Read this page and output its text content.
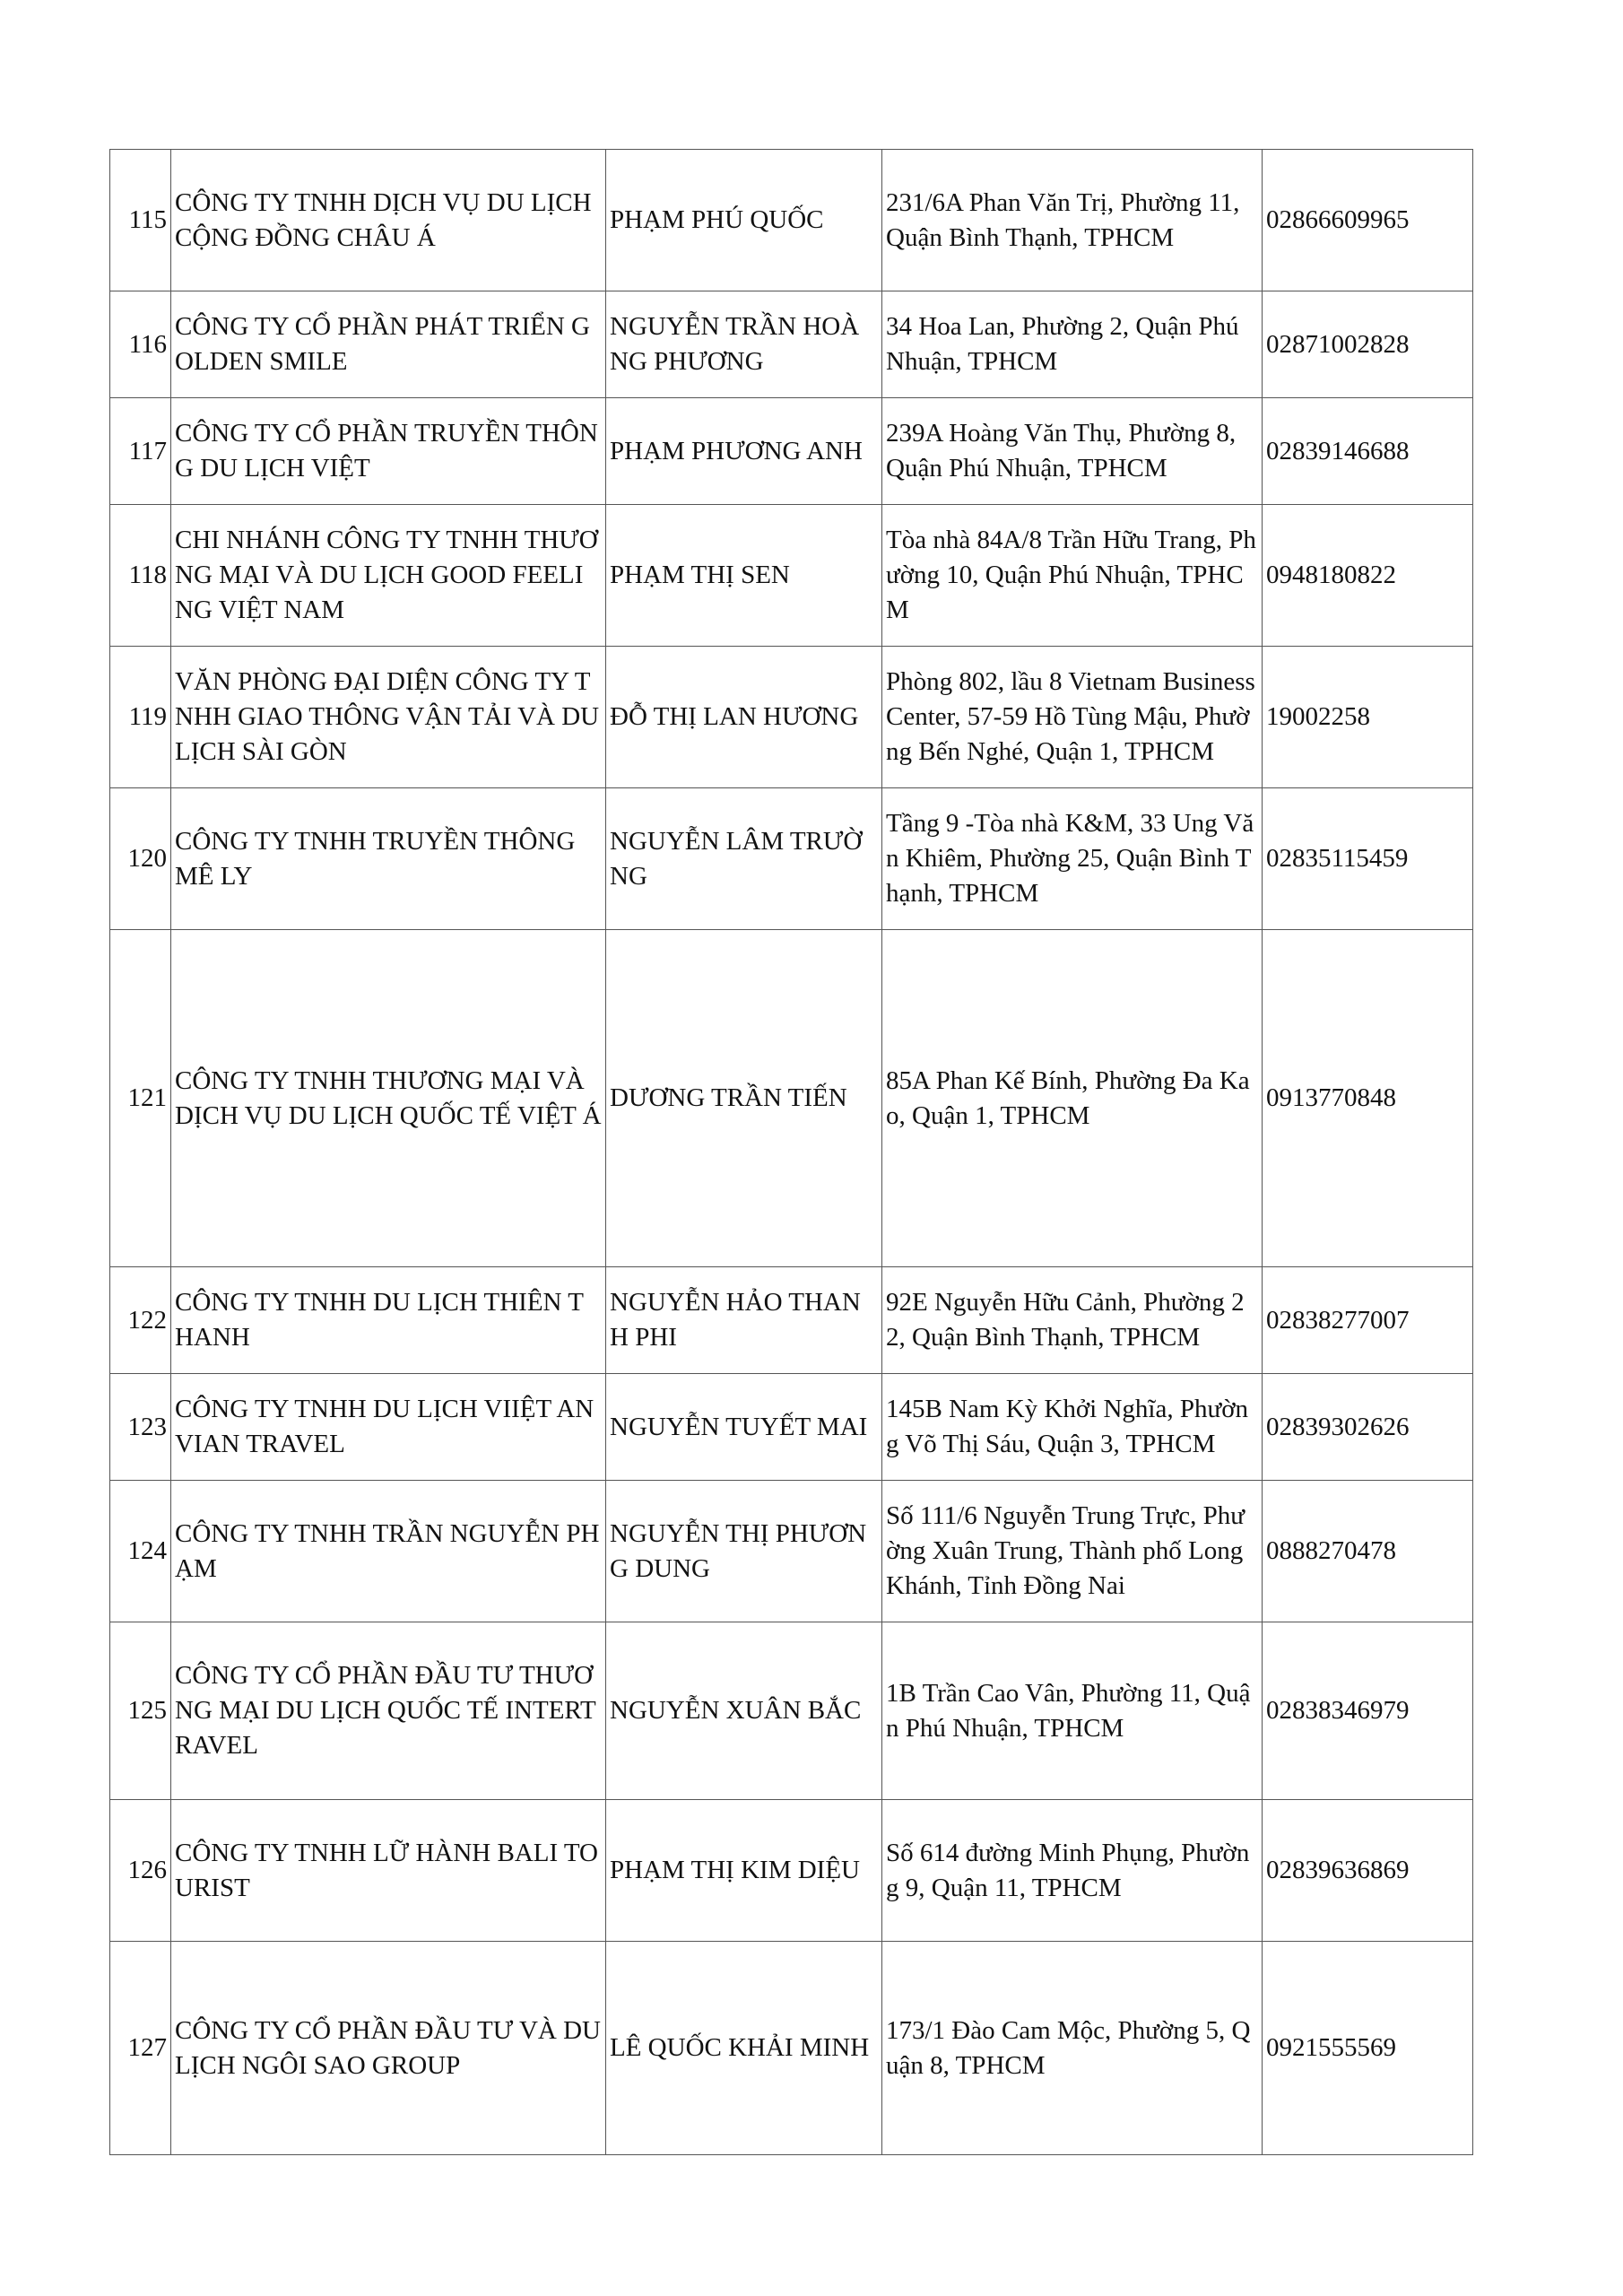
115	CÔNG TY TNHH DỊCH VỤ DU LỊCH CỘNG ĐỒNG CHÂU Á	PHẠM PHÚ QUỐC	231/6A Phan Văn Trị, Phường 11, Quận Bình Thạnh, TPHCM	02866609965
116	CÔNG TY CỔ PHẦN PHÁT TRIỂN GOLDEN SMILE	NGUYỄN TRẦN HOÀNG PHƯƠNG	34 Hoa Lan, Phường 2, Quận Phú Nhuận, TPHCM	02871002828
117	CÔNG TY CỔ PHẦN TRUYỀN THÔNG DU LỊCH VIỆT	PHẠM PHƯƠNG ANH	239A Hoàng Văn Thụ, Phường 8, Quận Phú Nhuận, TPHCM	02839146688
118	CHI NHÁNH CÔNG TY TNHH THƯƠNG MẠI VÀ DU LỊCH GOOD FEELING VIỆT NAM	PHẠM THỊ SEN	Tòa nhà 84A/8 Trần Hữu Trang, Phường 10, Quận Phú Nhuận, TPHCM	0948180822
119	VĂN PHÒNG ĐẠI DIỆN CÔNG TY TNHH GIAO THÔNG VẬN TẢI VÀ DU LỊCH SÀI GÒN	ĐỖ THỊ LAN HƯƠNG	Phòng 802, lầu 8 Vietnam Business Center, 57-59 Hồ Tùng Mậu, Phường Bến Nghé, Quận 1, TPHCM	19002258
120	CÔNG TY TNHH TRUYỀN THÔNG MÊ LY	NGUYỄN LÂM TRƯỜNG	Tầng 9 -Tòa nhà K&M, 33 Ung Văn Khiêm, Phường 25, Quận Bình Thạnh, TPHCM	02835115459
121	CÔNG TY TNHH THƯƠNG MẠI VÀ DỊCH VỤ DU LỊCH QUỐC TẾ VIỆT Á	DƯƠNG TRẦN TIẾN	85A Phan Kế Bính, Phường Đa Kao, Quận 1, TPHCM	0913770848
122	CÔNG TY TNHH DU LỊCH THIÊN THANH	NGUYỄN HẢO THANH PHI	92E Nguyễn Hữu Cảnh, Phường 22, Quận Bình Thạnh, TPHCM	02838277007
123	CÔNG TY TNHH DU LỊCH VIIỆT AN VIAN TRAVEL	NGUYỄN TUYẾT MAI	145B Nam Kỳ Khởi Nghĩa, Phường Võ Thị Sáu, Quận 3, TPHCM	02839302626
124	CÔNG TY TNHH TRẦN NGUYỄN PHẠM	NGUYỄN THỊ PHƯƠNG DUNG	Số 111/6 Nguyễn Trung Trực, Phường Xuân Trung, Thành phố Long Khánh, Tỉnh Đồng Nai	0888270478
125	CÔNG TY CỔ PHẦN ĐẦU TƯ THƯƠNG MẠI DU LỊCH QUỐC TẾ INTERTRAVEL	NGUYỄN XUÂN BẮC	1B Trần Cao Vân, Phường 11, Quận Phú Nhuận, TPHCM	02838346979
126	CÔNG TY TNHH LỮ HÀNH BALI TOURIST	PHẠM THỊ KIM DIỆU	Số 614 đường Minh Phụng, Phường 9, Quận 11, TPHCM	02839636869
127	CÔNG TY CỔ PHẦN ĐẦU TƯ VÀ DU LỊCH NGÔI SAO GROUP	LÊ QUỐC KHẢI MINH	173/1 Đào Cam Mộc, Phường 5, Quận 8, TPHCM	0921555569
